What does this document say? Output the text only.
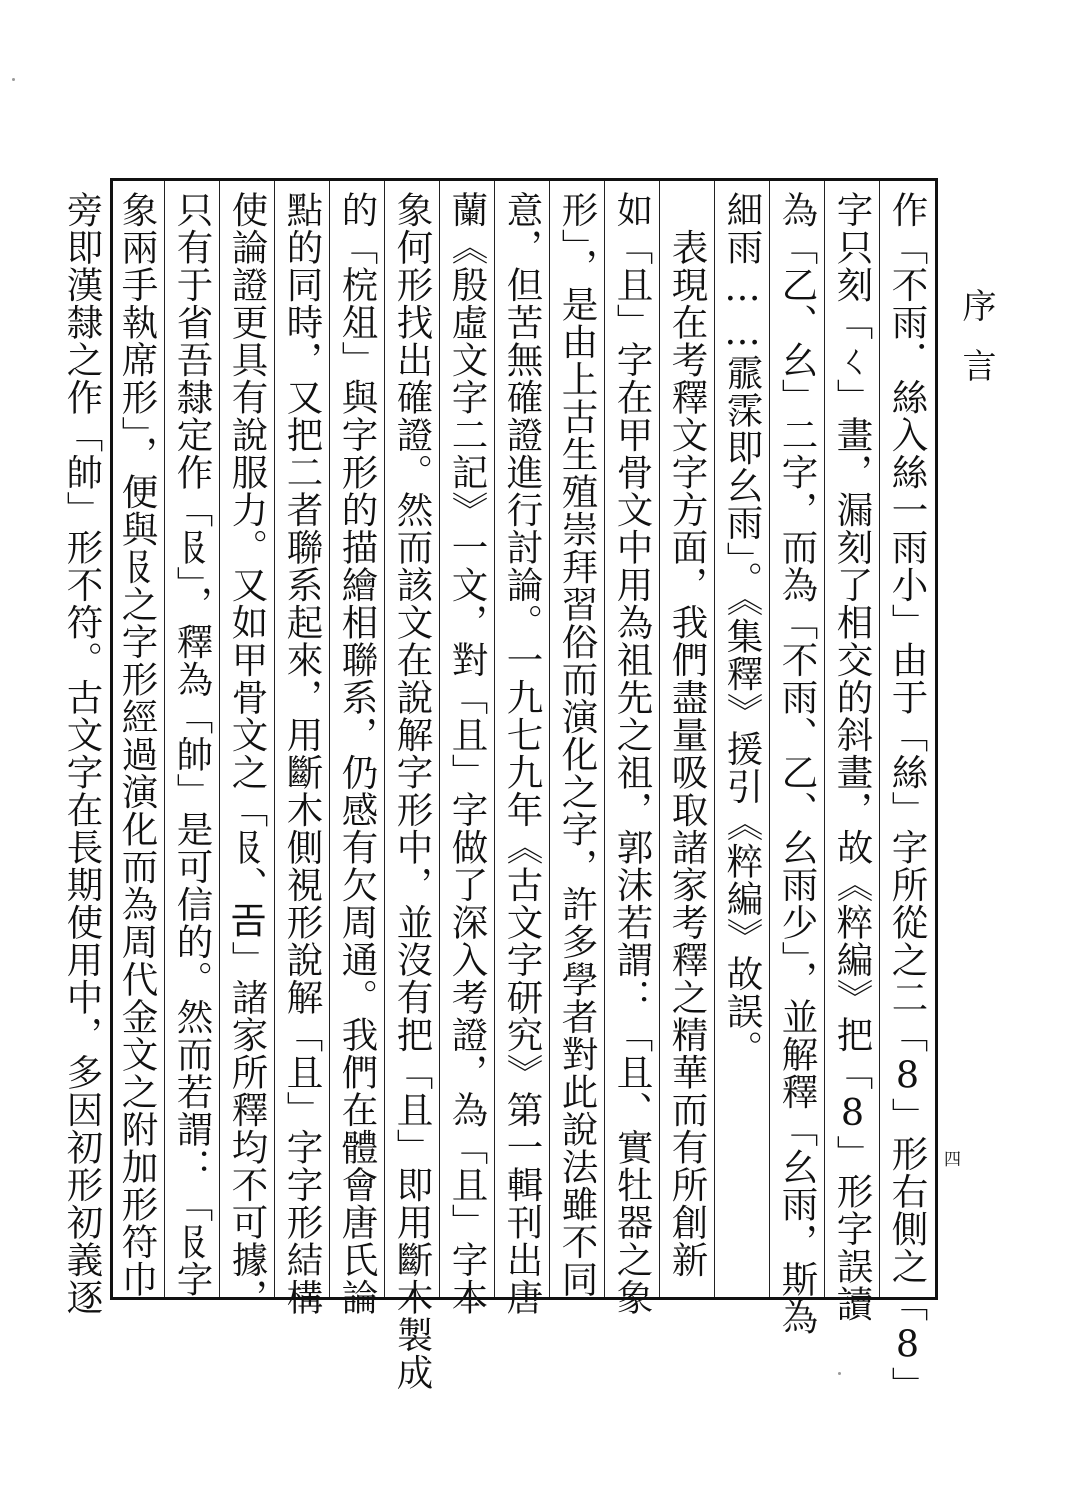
序言
作「不雨．絲入絲一雨小」由于「絲」字所從之二「8」形右側之「8」
字只刻「ㄑ」畫，漏刻了相交的斜畫，故《粹編》把「8」形字誤讀
為「乙、幺」二字，而為「不雨、乙、幺雨少」，並解釋「幺雨，斯為
細雨……霢霂即幺雨」。《集釋》援引《粹編》故誤。
　表現在考釋文字方面，我們盡量吸取諸家考釋之精華而有所創新
如「且」字在甲骨文中用為祖先之祖，郭沫若謂：「且、實牡器之象
形」，是由上古生殖崇拜習俗而演化之字，許多學者對此說法雖不同
意，但苦無確證進行討論。一九七九年《古文字研究》第一輯刊出唐
蘭《殷虛文字二記》一文，對「且」字做了深入考證，為「且」字本
象何形找出確證。然而該文在說解字形中，並沒有把「且」即用斷木製成
的「梡俎」與字形的描繪相聯系，仍感有欠周通。我們在體會唐氏論
點的同時，又把二者聯系起來，用斷木側視形說解「且」字字形結構
使論證更具有說服力。又如甲骨文之「𠬝、𢀛」諸家所釋均不可據，
只有于省吾隸定作「𠬝」，釋為「帥」是可信的。然而若謂：「𠬝字
象兩手執席形」，便與𠬝之字形經過演化而為周代金文之附加形符巾
旁即漢隸之作「帥」形不符。古文字在長期使用中，多因初形初義逐	四
